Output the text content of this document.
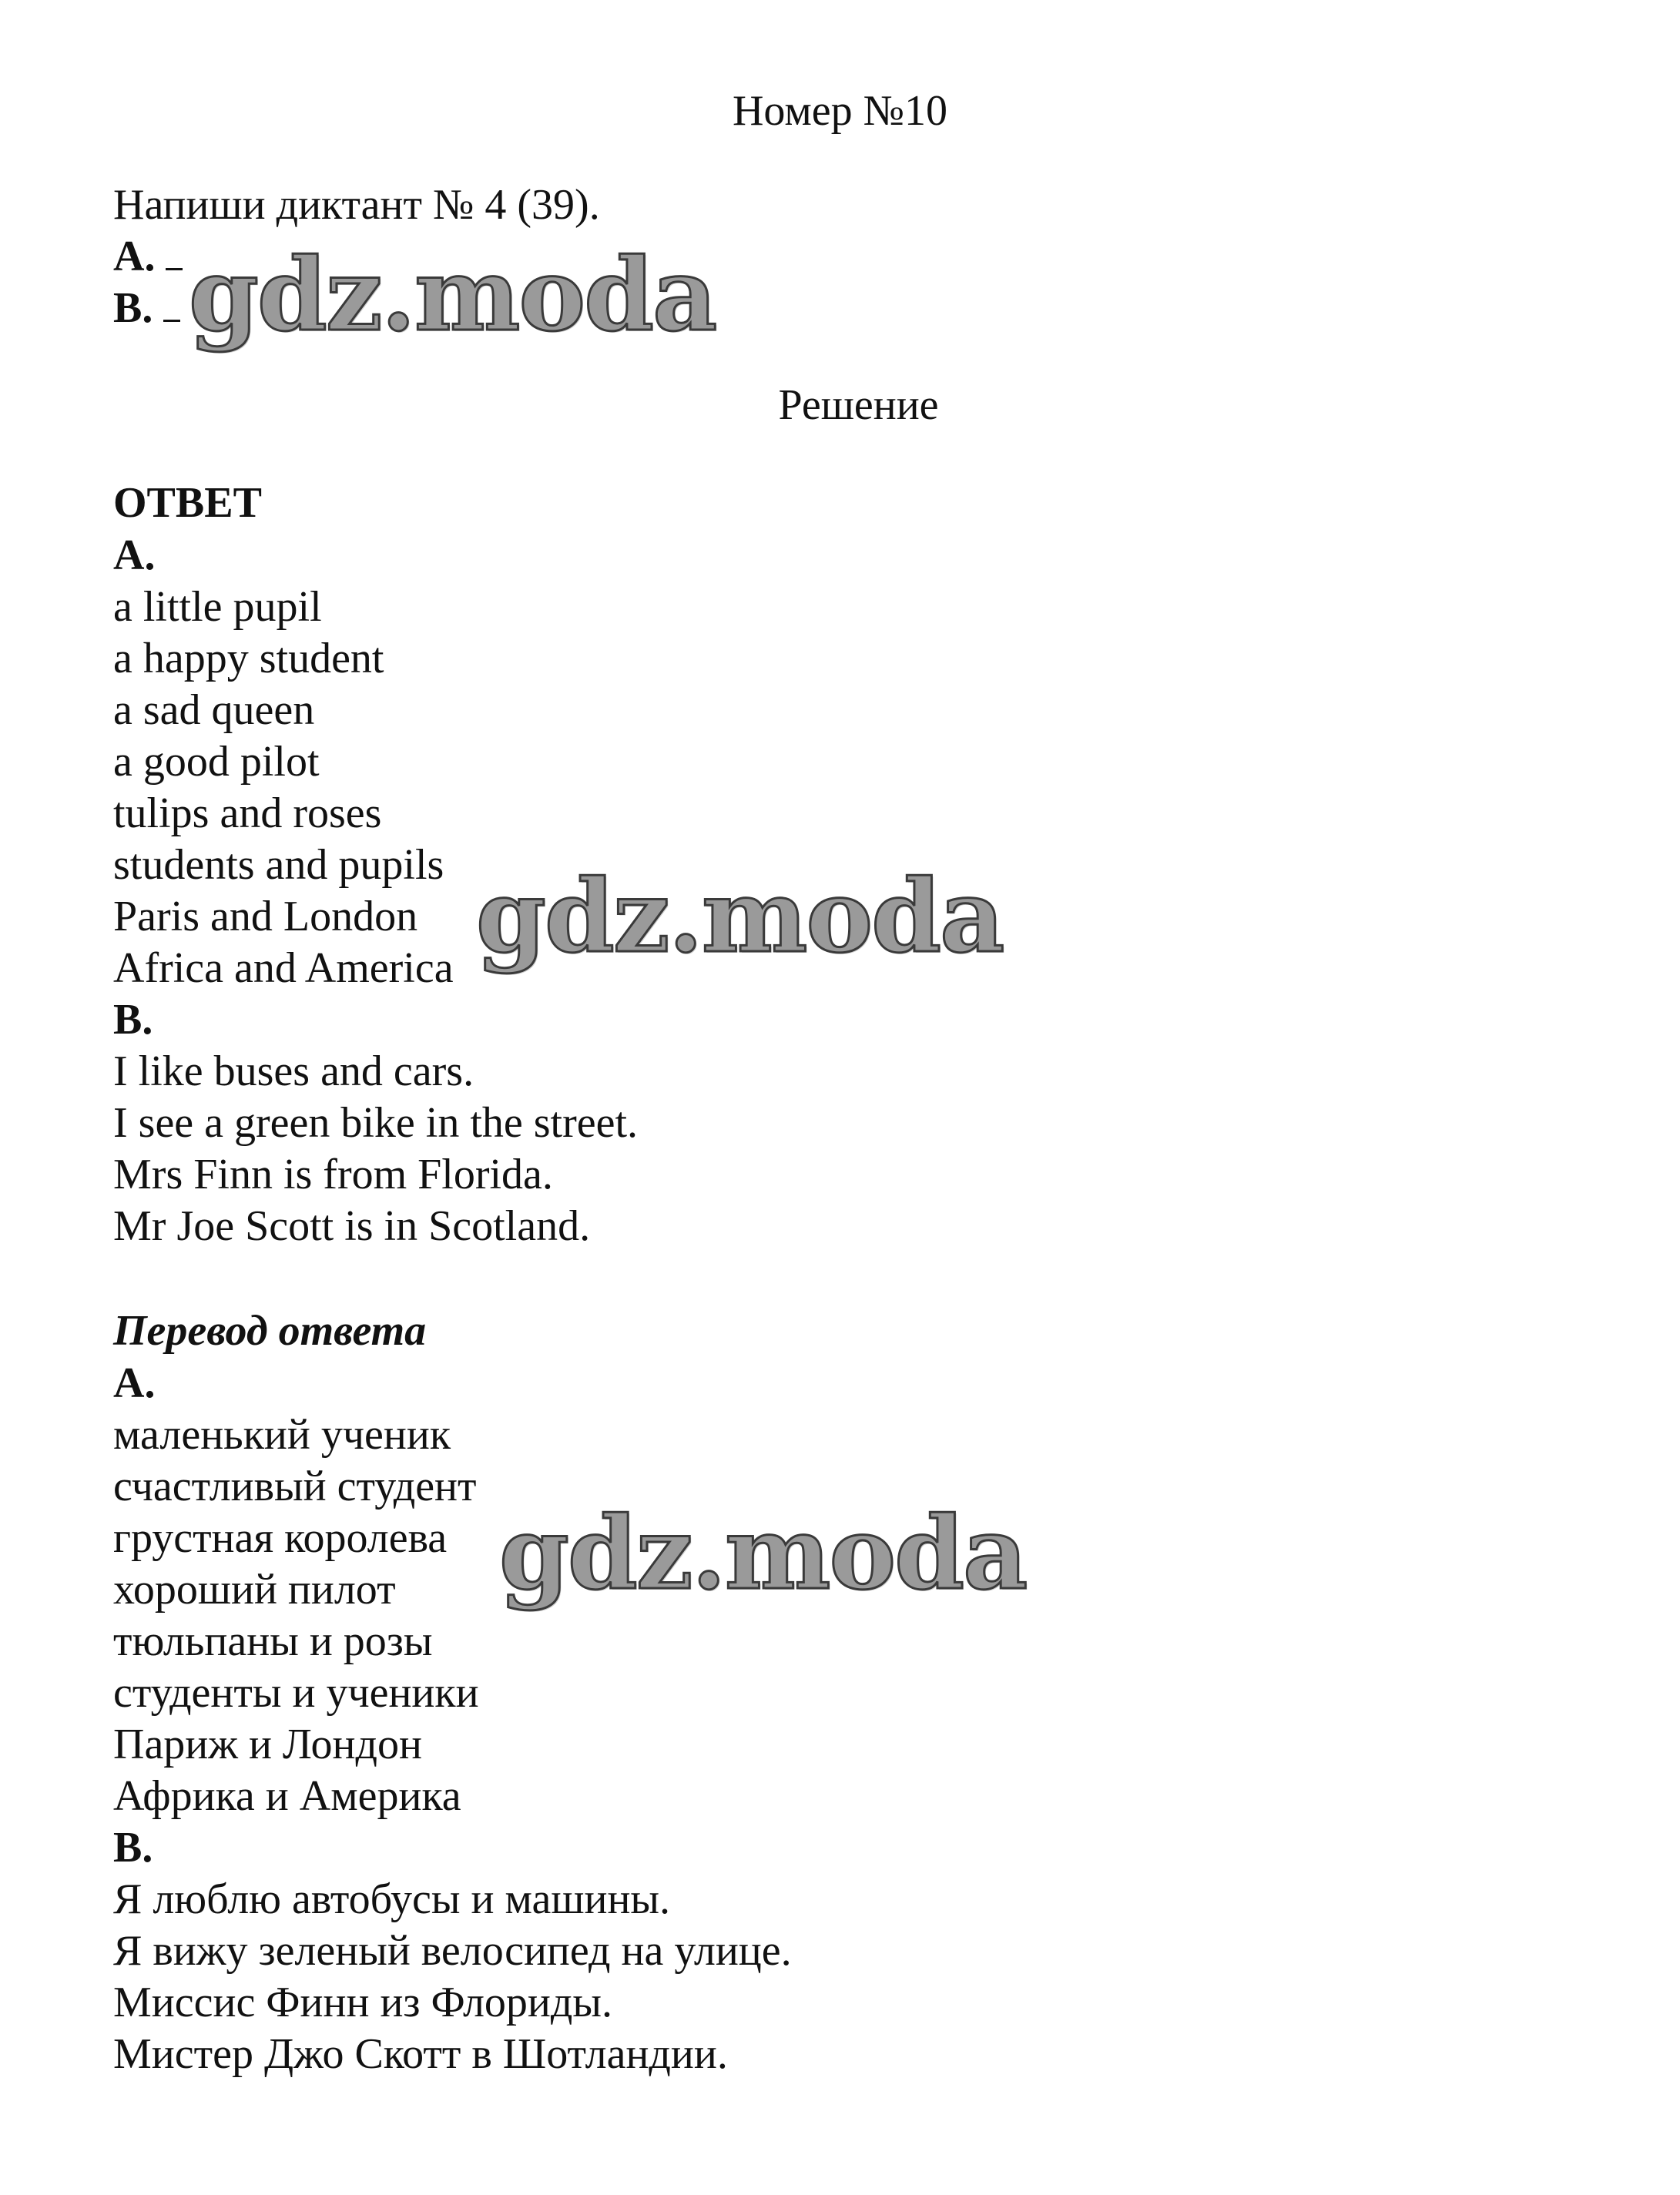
Номер №10
Напиши диктант № 4 (39).
А.
В.
Решение
ОТВЕТ
А.
a little pupil
a happy student
a sad queen
a good pilot
tulips and roses
students and pupils
Paris and London
Africa and America
В.
I like buses and cars.
I see a green bike in the street.
Mrs Finn is from Florida.
Mr Joe Scott is in Scotland.
Перевод ответа
А.
маленький ученик
счастливый студент
грустная королева
хороший пилот
тюльпаны и розы
студенты и ученики
Париж и Лондон
Африка и Америка
В.
Я люблю автобусы и машины.
Я вижу зеленый велосипед на улице.
Миссис Финн из Флориды.
Мистер Джо Скотт в Шотландии.
gdz.moda
gdz.moda
gdz.moda
